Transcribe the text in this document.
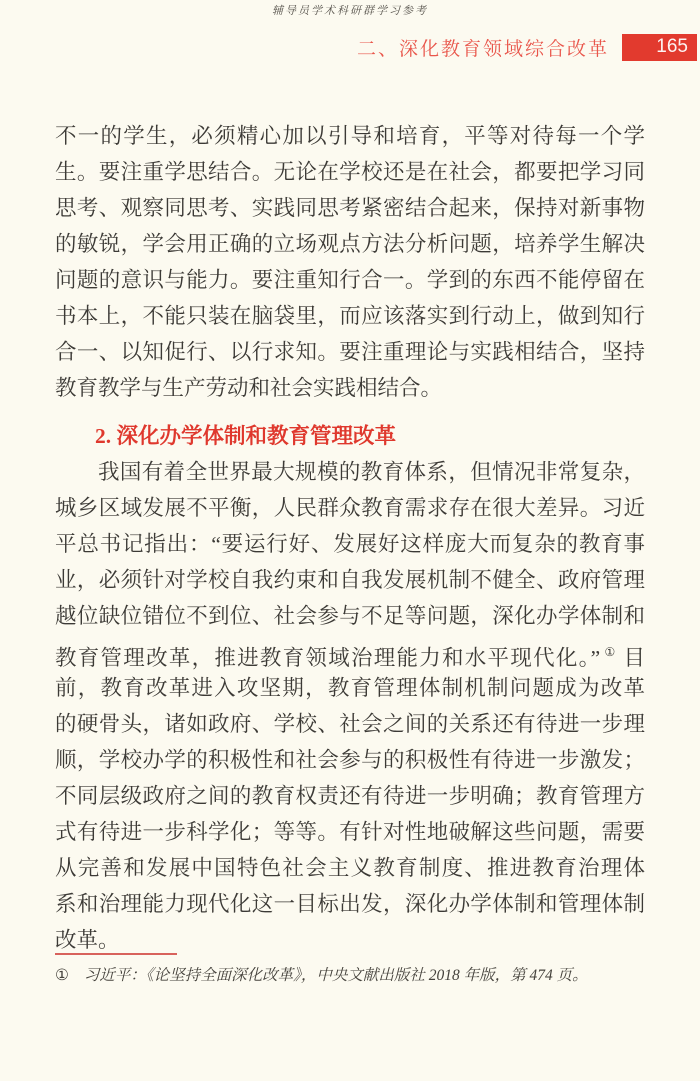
辅导员学术科研群学习参考
二、深化教育领域综合改革	165
不一的学生，必须精心加以引导和培育，平等对待每一个学
生。要注重学思结合。无论在学校还是在社会，都要把学习同
思考、观察同思考、实践同思考紧密结合起来，保持对新事物
的敏锐，学会用正确的立场观点方法分析问题，培养学生解决
问题的意识与能力。要注重知行合一。学到的东西不能停留在
书本上，不能只装在脑袋里，而应该落实到行动上，做到知行
合一、以知促行、以行求知。要注重理论与实践相结合，坚持
教育教学与生产劳动和社会实践相结合。
2. 深化办学体制和教育管理改革
我国有着全世界最大规模的教育体系，但情况非常复杂，
城乡区域发展不平衡，人民群众教育需求存在很大差异。习近
平总书记指出：“要运行好、发展好这样庞大而复杂的教育事
业，必须针对学校自我约束和自我发展机制不健全、政府管理
越位缺位错位不到位、社会参与不足等问题，深化办学体制和
教育管理改革，推进教育领域治理能力和水平现代化。” ① 目
前，教育改革进入攻坚期，教育管理体制机制问题成为改革
的硬骨头，诸如政府、学校、社会之间的关系还有待进一步理
顺，学校办学的积极性和社会参与的积极性有待进一步激发；
不同层级政府之间的教育权责还有待进一步明确；教育管理方
式有待进一步科学化；等等。有针对性地破解这些问题，需要
从完善和发展中国特色社会主义教育制度、推进教育治理体
系和治理能力现代化这一目标出发，深化办学体制和管理体制
改革。
① 习近平：《论坚持全面深化改革》，中央文献出版社 2018 年版，第 474 页。
